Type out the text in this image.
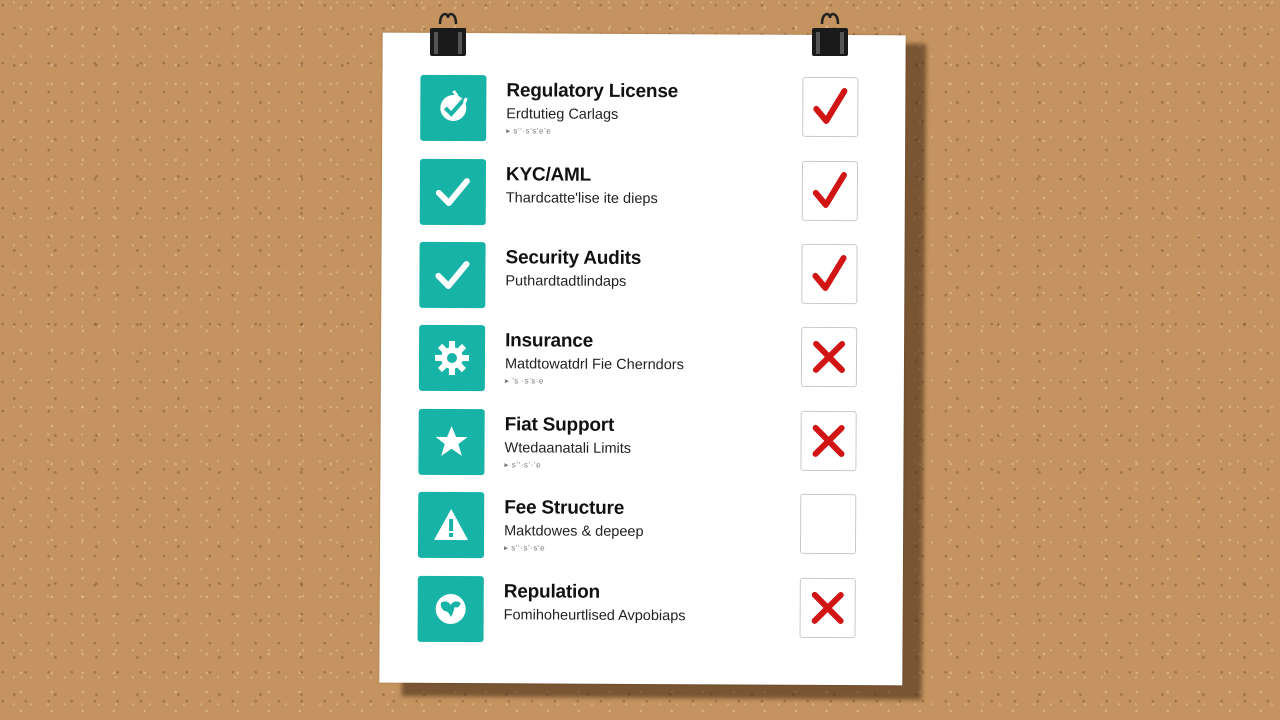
Regulatory License
Erdtutieg Carlags
▸ s’‘·s’s’e’e
KYC/AML
Thardcatte'lise ite dieps
Security Audits
Puthardtadtlindaps
Insurance
Matdtowatdrl Fie Cherndors
▸ ’s ·s’s·e
Fiat Support
Wtedaanatali Limits
▸ s’‘·s’·’e
Fee Structure
Maktdowes & depeep
▸ s’‘·s’·s’e
Repulation
Fomihoheurtlised Avpobiaps
